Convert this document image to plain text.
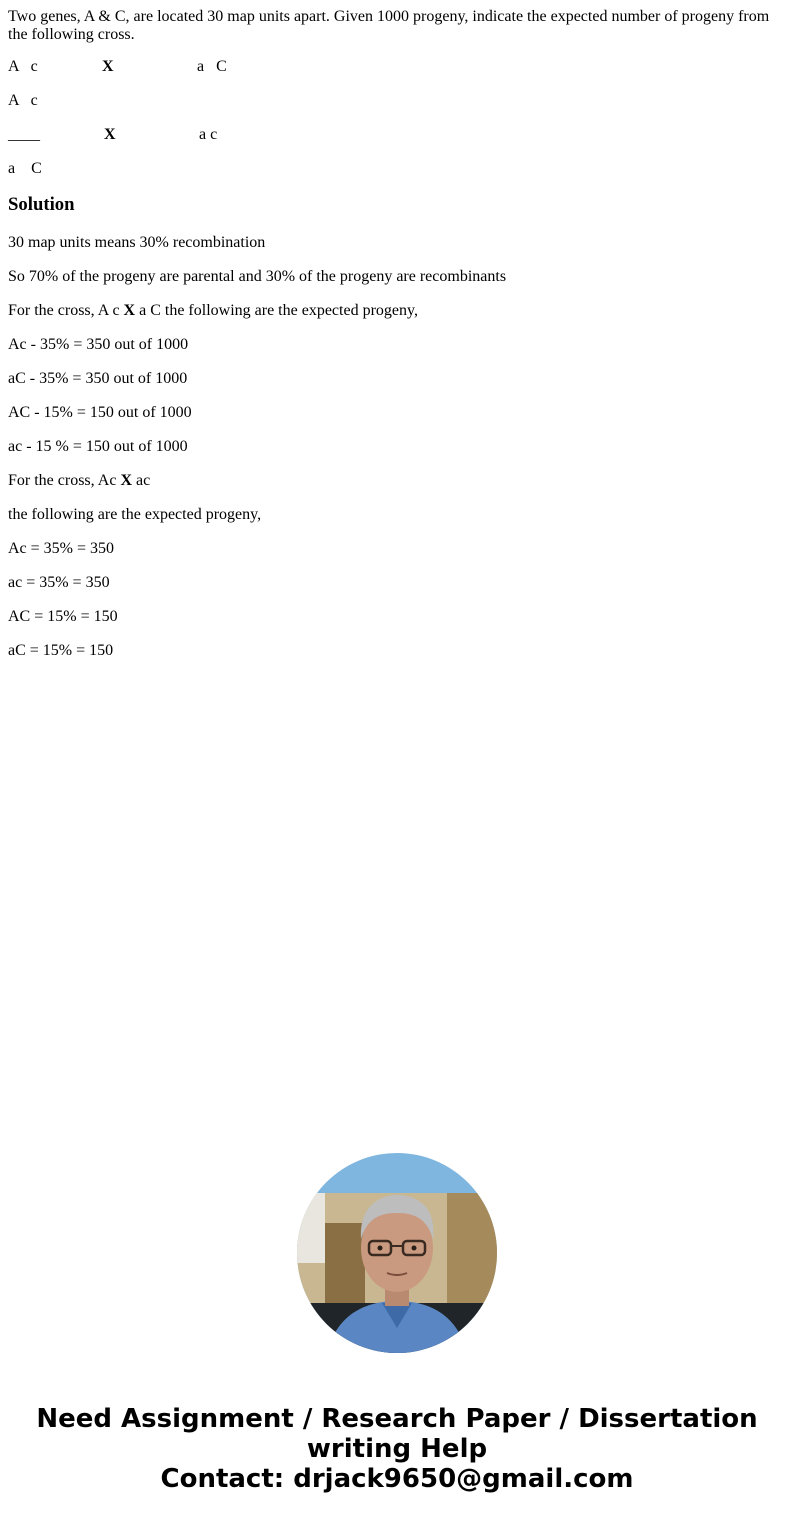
Two genes, A & C, are located 30 map units apart. Given 1000 progeny, indicate the expected number of progeny from the following cross.

A   c	X	a   C
A   c
____	X	a c
a    C
Solution

30 map units means 30% recombination

So 70% of the progeny are parental and 30% of the progeny are recombinants

For the cross, A c X a C the following are the expected progeny,

Ac - 35% = 350 out of 1000

aC - 35% = 350 out of 1000

AC - 15% = 150 out of 1000

ac - 15 % = 150 out of 1000

For the cross, Ac X ac

the following are the expected progeny,

Ac = 35% = 350

ac = 35% = 350

AC = 15% = 150

aC = 15% = 150

Need Assignment / Research Paper / Dissertation
writing Help
Contact: drjack9650@gmail.com
